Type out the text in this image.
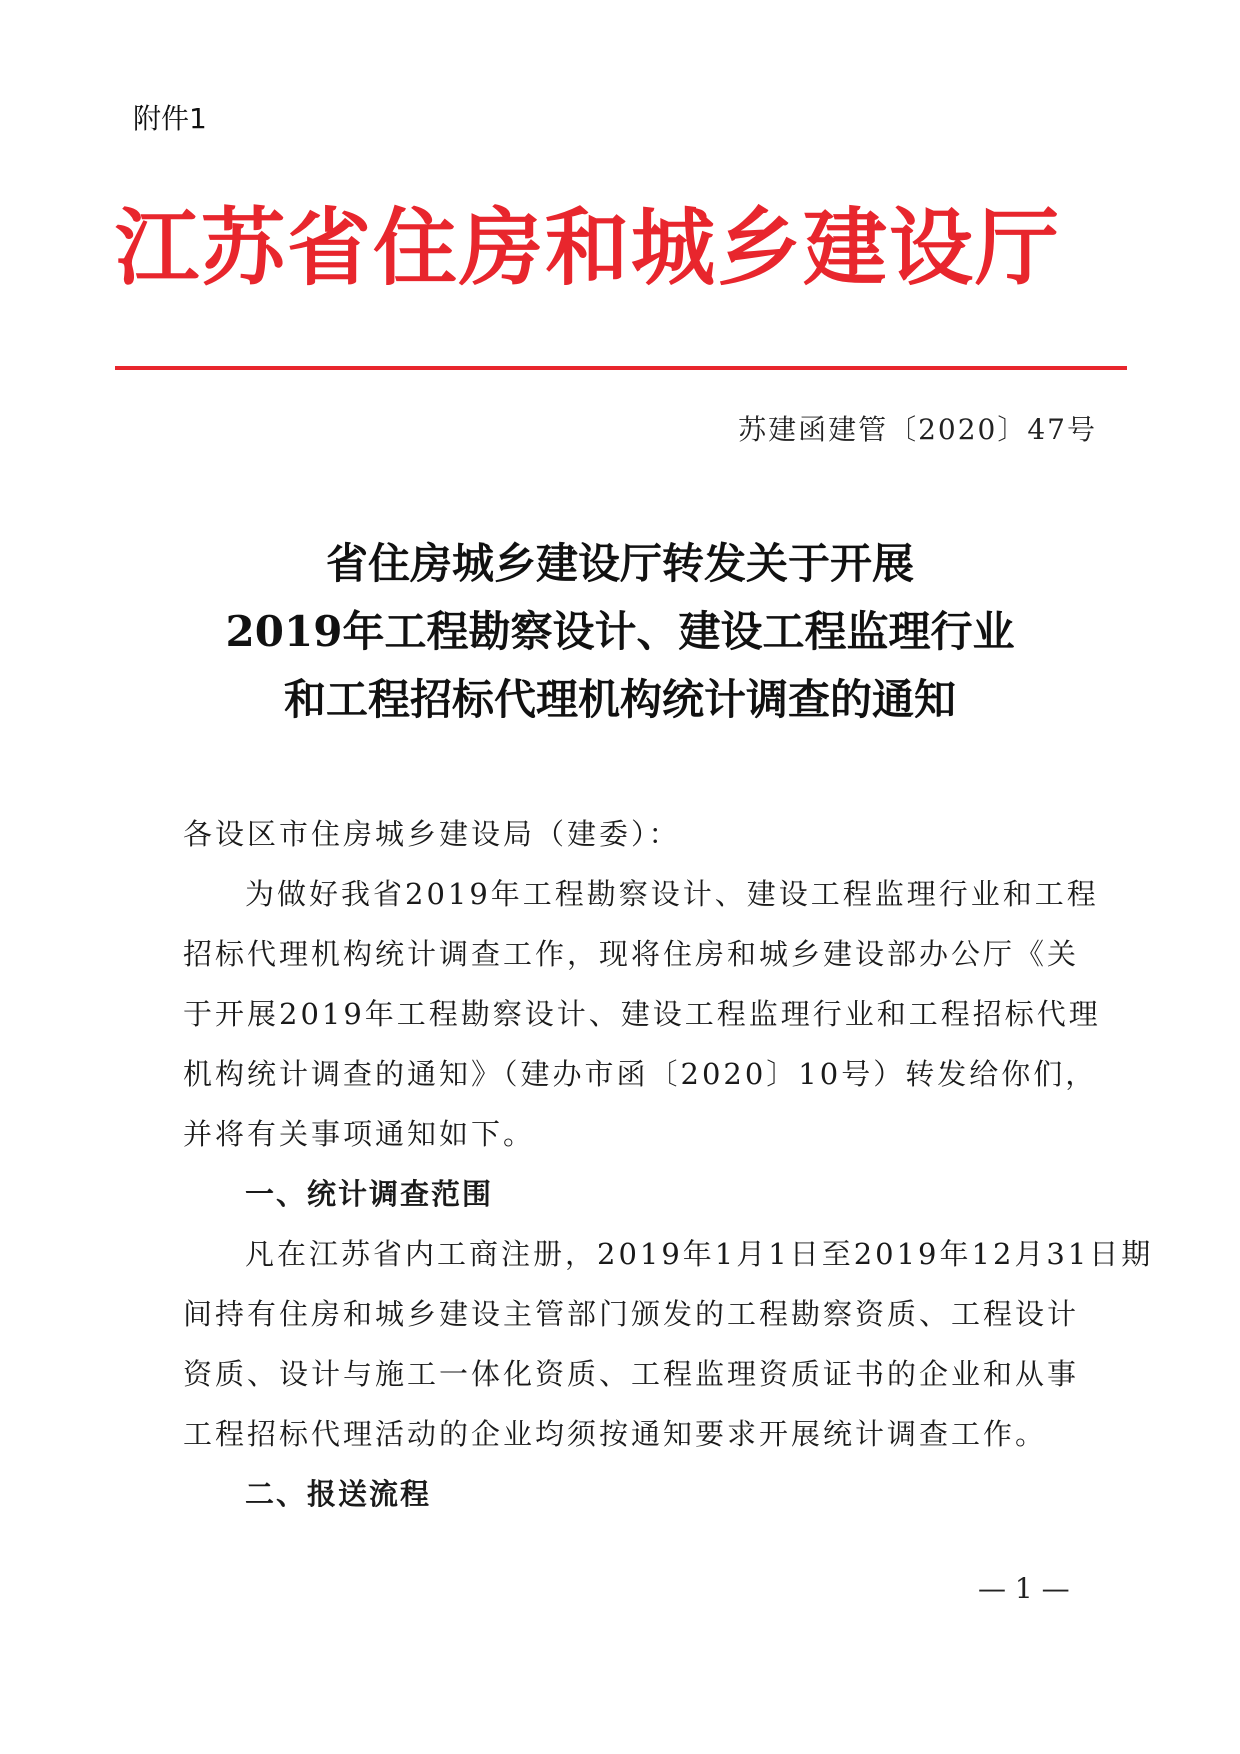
附件1
江苏省住房和城乡建设厅
苏建函建管〔2020〕47号
省住房城乡建设厅转发关于开展
2019年工程勘察设计、建设工程监理行业
和工程招标代理机构统计调查的通知

各设区市住房城乡建设局（建委）：

为做好我省2019年工程勘察设计、建设工程监理行业和工程

招标代理机构统计调查工作，现将住房和城乡建设部办公厅《关

于开展2019年工程勘察设计、建设工程监理行业和工程招标代理

机构统计调查的通知》（建办市函〔2020〕10号）转发给你们，

并将有关事项通知如下。

一、统计调查范围

凡在江苏省内工商注册，2019年1月1日至2019年12月31日期

间持有住房和城乡建设主管部门颁发的工程勘察资质、工程设计

资质、设计与施工一体化资质、工程监理资质证书的企业和从事

工程招标代理活动的企业均须按通知要求开展统计调查工作。

二、报送流程

— 1 —
